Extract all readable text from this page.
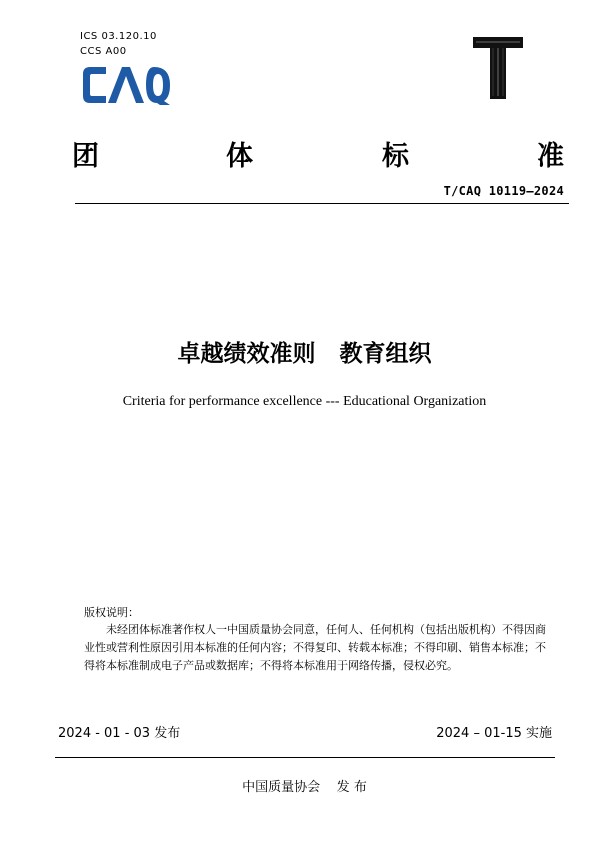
ICS 03.120.10
CCS A00
团	体	标	准
T/CAQ 10119—2024
卓越绩效准则   教育组织
Criteria for performance excellence --- Educational Organization
版权说明：
未经团体标准著作权人一中国质量协会同意，任何人、任何机构（包括出版机构）不得因商业性或营利性原因引用本标准的任何内容；不得复印、转载本标准；不得印刷、销售本标准；不得将本标准制成电子产品或数据库；不得将本标准用于网络传播，侵权必究。
2024 - 01 - 03 发布	2024 – 01-15 实施
中国质量协会    发 布
